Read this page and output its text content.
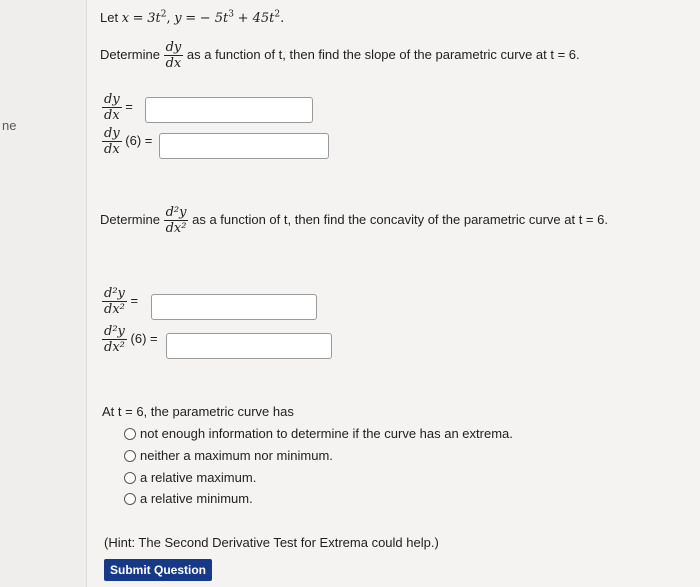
ne
Let $x = 3t^2$, y = − $5t^3 + 45t^2$.
Determine $\frac{dy}{dx}$ as a function of t, then find the slope of the parametric curve at t = 6.
$\frac{dy}{dx}$ =
$\frac{dy}{dx} (6)$ =
Determine $\frac{\text{d²y}}{\text{dx²}}$ as a function of t, then find the concavity of the parametric curve at t = 6.
$\frac{\text{d²y}}{\text{dx²}}$ =
$\frac{\text{d²y}}{\text{dx²}} (6)$ =
At t = 6, the parametric curve has
not enough information to determine if the curve has an extrema.
neither a maximum nor minimum.
a relative maximum.
a relative minimum.
(Hint: The Second Derivative Test for Extrema could help.)
Submit Question
